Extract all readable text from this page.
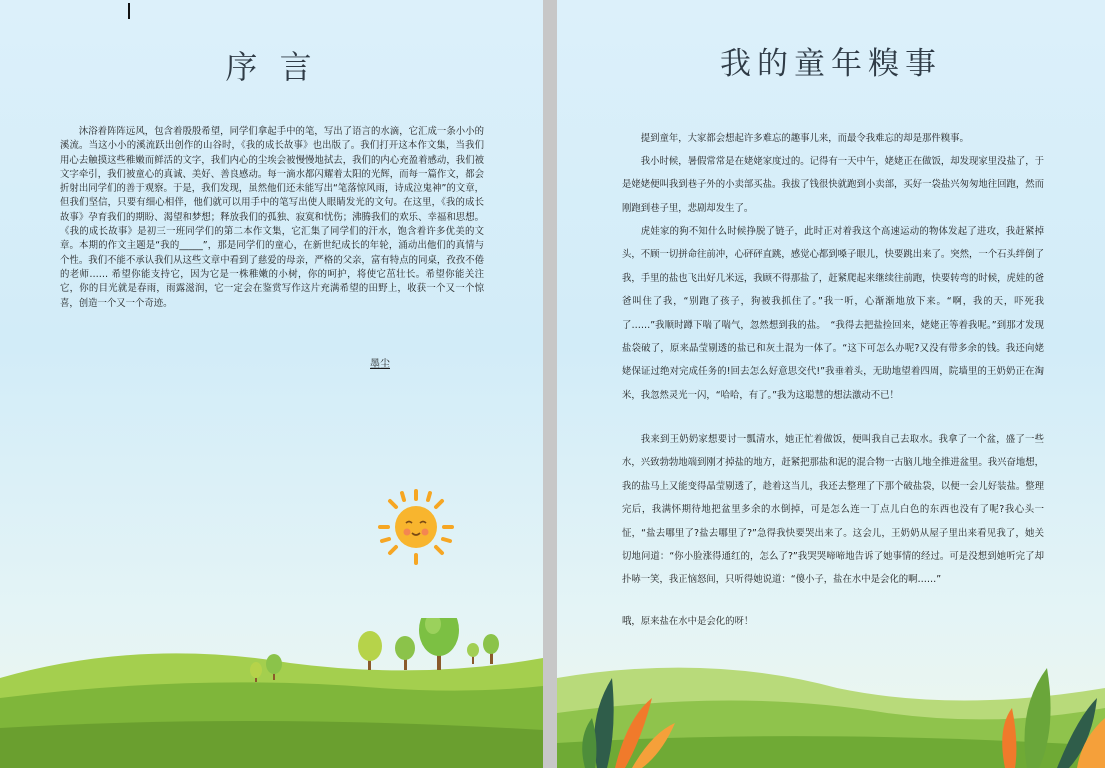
序 言

沐浴着阵阵远风，包含着殷殷希望，同学们拿起手中的笔，写出了语言的水滴，它汇成一条小小的溪流。当这小小的溪流跃出创作的山谷时，《我的成长故事》也出版了。我们打开这本作文集，当我们用心去触摸这些稚嫩而鲜活的文字，我们内心的尘埃会被慢慢地拭去，我们的内心充盈着感动，我们被文字牵引，我们被童心的真诚、美好、善良感动。每一滴水都闪耀着太阳的光辉，而每一篇作文，都会折射出同学们的善于观察。于是，我们发现，虽然他们还未能写出“笔落惊风雨，诗成泣鬼神”的文章，但我们坚信，只要有细心相伴，他们就可以用手中的笔写出使人眼睛发光的文句。在这里，《我的成长故事》孕育我们的期盼、渴望和梦想；释放我们的孤独、寂寞和忧伤；沸腾我们的欢乐、幸福和思想。《我的成长故事》是初三一班同学们的第二本作文集，它汇集了同学们的汗水，饱含着许多优美的文章。本期的作文主题是“我的_____”，那是同学们的童心，在新世纪成长的年轮，涌动出他们的真情与个性。我们不能不承认我们从这些文章中看到了慈爱的母亲，严格的父亲，富有特点的同桌，孜孜不倦的老师…… 希望你能支持它，因为它是一株稚嫩的小树，你的呵护，将使它茁壮长。希望你能关注它，你的目光就是春雨，雨露滋润，它一定会在鉴赏写作这片充满希望的田野上，收获一个又一个惊喜，创造一个又一个奇迹。

墨尘
我的童年糗事

提到童年，大家都会想起许多难忘的趣事儿来，而最令我难忘的却是那件糗事。

我小时候，暑假常常是在姥姥家度过的。记得有一天中午，姥姥正在做饭，却发现家里没盐了，于是姥姥便叫我到巷子外的小卖部买盐。我拔了钱很快就跑到小卖部，买好一袋盐兴匆匆地往回跑，然而刚跑到巷子里，悲剧却发生了。

虎娃家的狗不知什么时候挣脱了链子，此时正对着我这个高速运动的物体发起了进攻，我赶紧掉头，不顾一切拼命往前冲，心砰砰直跳，感觉心都到嗓子眼儿，快要跳出来了。突然，一个石头绊倒了我，手里的盐也飞出好几米远，我顾不得那盐了，赶紧爬起来继续往前跑，快要转弯的时候，虎娃的爸爸叫住了我，“别跑了孩子，狗被我抓住了。”我一听，心渐渐地放下来。“啊，我的天，吓死我了……”我顺时蹲下喘了喘气，忽然想到我的盐。　“我得去把盐捡回来，姥姥正等着我呢。”到那才发现盐袋破了，原来晶莹剔透的盐已和灰土混为一体了。“这下可怎么办呢?又没有带多余的钱。我还向姥姥保证过绝对完成任务的!回去怎么好意思交代!”我垂着头，无助地望着四周，院墙里的王奶奶正在淘米，我忽然灵光一闪，“哈哈，有了。”我为这聪慧的想法激动不已！

我来到王奶奶家想要讨一瓢清水，她正忙着做饭，便叫我自己去取水。我拿了一个盆，盛了一些水，兴致勃勃地端到刚才掉盐的地方，赶紧把那盐和泥的混合物一古脑儿地全推进盆里。我兴奋地想，我的盐马上又能变得晶莹剔透了，趁着这当儿，我还去整理了下那个破盐袋，以便一会儿好装盐。整理完后，我满怀期待地把盆里多余的水倒掉，可是怎么连一丁点儿白色的东西也没有了呢?我心头一怔，“盐去哪里了?盐去哪里了?”急得我快要哭出来了。这会儿，王奶奶从屋子里出来看见我了，她关切地问道：“你小脸涨得通红的，怎么了?”我哭哭啼啼地告诉了她事情的经过。可是没想到她听完了却扑哧一笑，我正恼怒间，只听得她说道：“傻小子，盐在水中是会化的啊……”

哦，原来盐在水中是会化的呀！
